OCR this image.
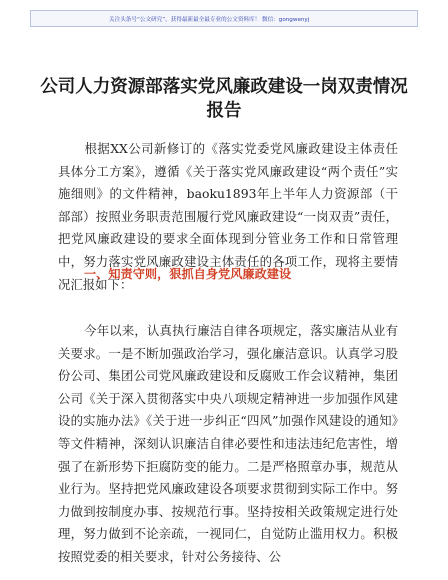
关注头条号“公文研究”，获得最新最全最专业的公文资料库！ 微信：gongwenyj
公司人力资源部落实党风廉政建设一岗双责情况报告

根据XX公司新修订的《落实党委党风廉政建设主体责任具体分工方案》，遵循《关于落实党风廉政建设“两个责任”实施细则》的文件精神，baoku1893年上半年人力资源部（干部部）按照业务职责范围履行党风廉政建设“一岗双责”责任，把党风廉政建设的要求全面体现到分管业务工作和日常管理中，努力落实党风廉政建设主体责任的各项工作，现将主要情况汇报如下：

一、知责守则，狠抓自身党风廉政建设

今年以来，认真执行廉洁自律各项规定，落实廉洁从业有关要求。一是不断加强政治学习，强化廉洁意识。认真学习股份公司、集团公司党风廉政建设和反腐败工作会议精神，集团公司《关于深入贯彻落实中央八项规定精神进一步加强作风建设的实施办法》《关于进一步纠正“四风”加强作风建设的通知》等文件精神，深刻认识廉洁自律必要性和违法违纪危害性，增强了在新形势下拒腐防变的能力。二是严格照章办事，规范从业行为。坚持把党风廉政建设各项要求贯彻到实际工作中。努力做到按制度办事、按规范行事。坚持按相关政策规定进行处理，努力做到不论亲疏，一视同仁，自觉防止滥用权力。积极按照党委的相关要求，针对公务接待、公
